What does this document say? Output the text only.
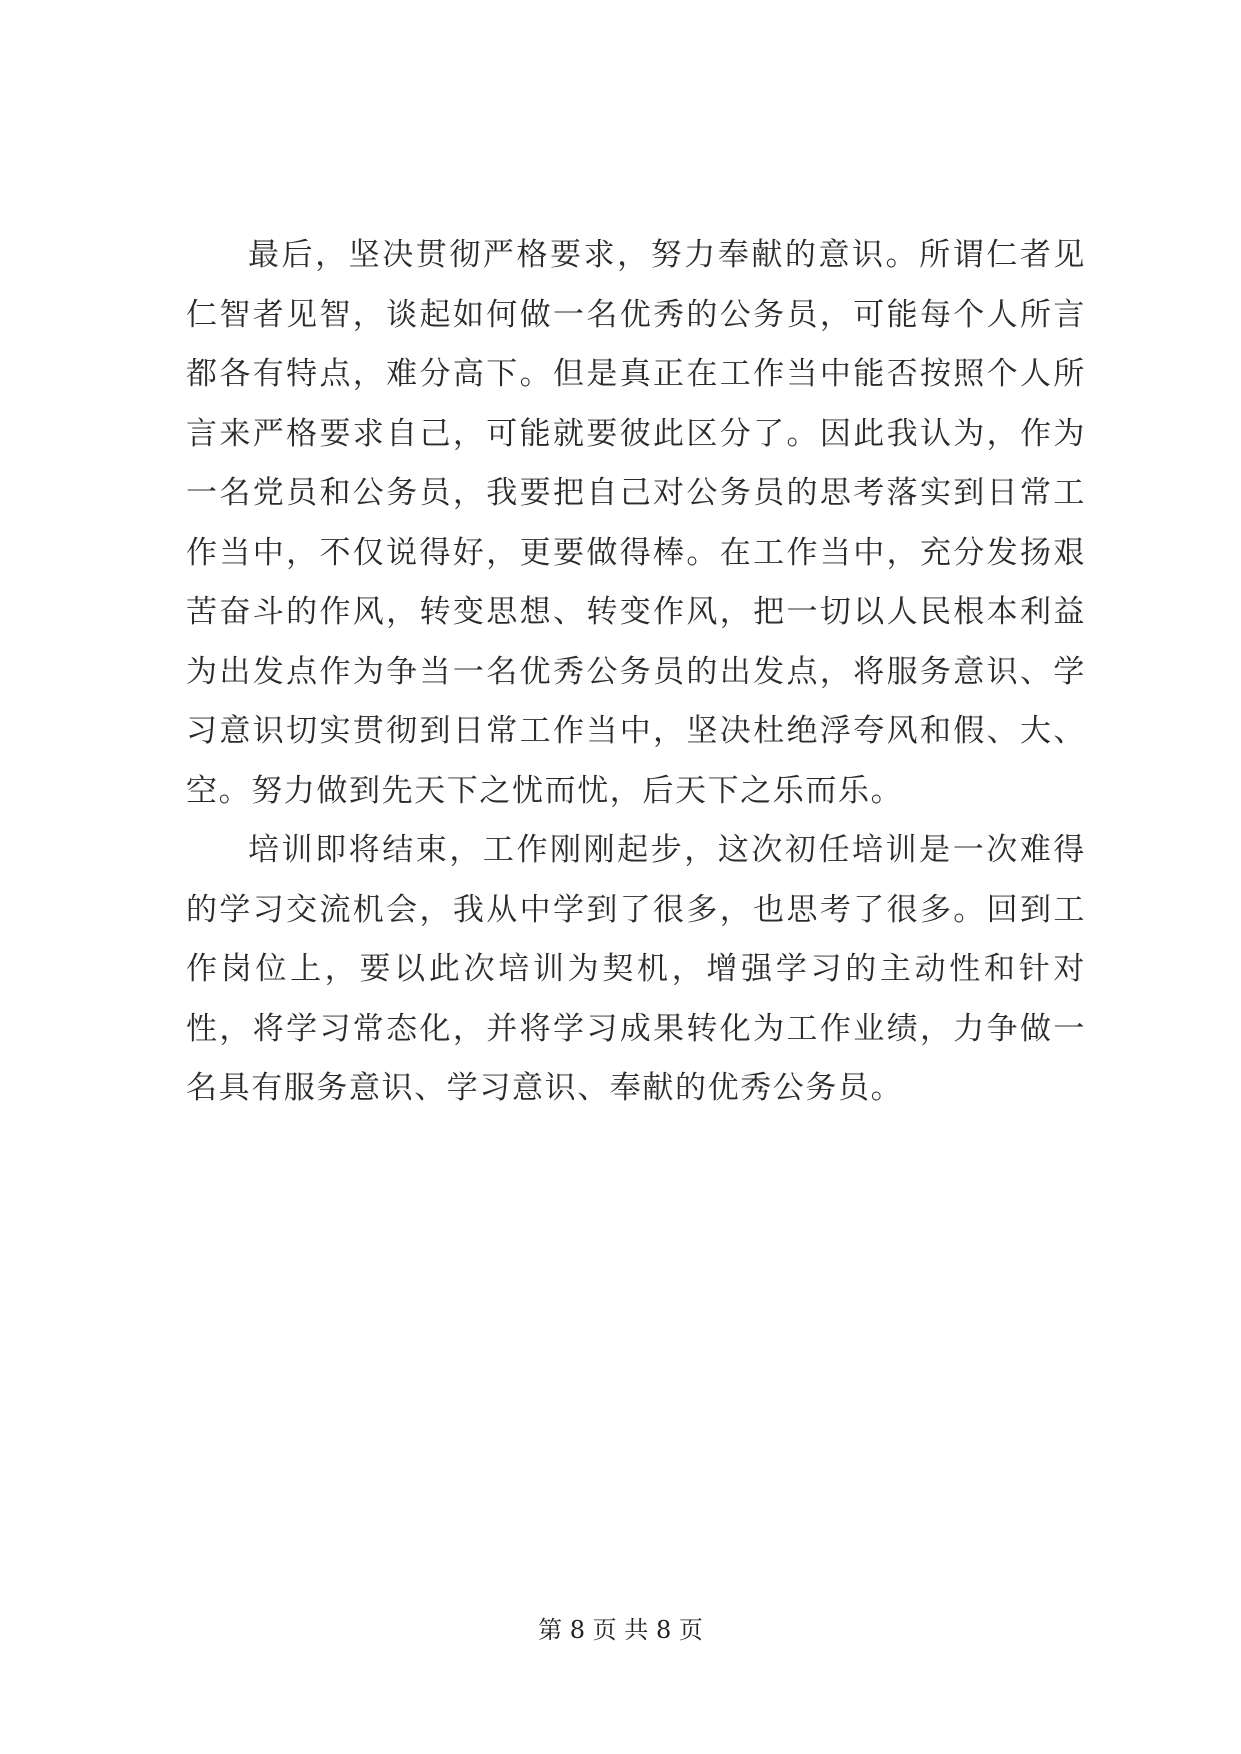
最后，坚决贯彻严格要求，努力奉献的意识。所谓仁者见仁智者见智，谈起如何做一名优秀的公务员，可能每个人所言都各有特点，难分高下。但是真正在工作当中能否按照个人所言来严格要求自己，可能就要彼此区分了。因此我认为，作为一名党员和公务员，我要把自己对公务员的思考落实到日常工作当中，不仅说得好，更要做得棒。在工作当中，充分发扬艰苦奋斗的作风，转变思想、转变作风，把一切以人民根本利益为出发点作为争当一名优秀公务员的出发点，将服务意识、学习意识切实贯彻到日常工作当中，坚决杜绝浮夸风和假、大、空。努力做到先天下之忧而忧，后天下之乐而乐。

培训即将结束，工作刚刚起步，这次初任培训是一次难得的学习交流机会，我从中学到了很多，也思考了很多。回到工作岗位上，要以此次培训为契机，增强学习的主动性和针对性，将学习常态化，并将学习成果转化为工作业绩，力争做一名具有服务意识、学习意识、奉献的优秀公务员。

第 8 页 共 8 页
